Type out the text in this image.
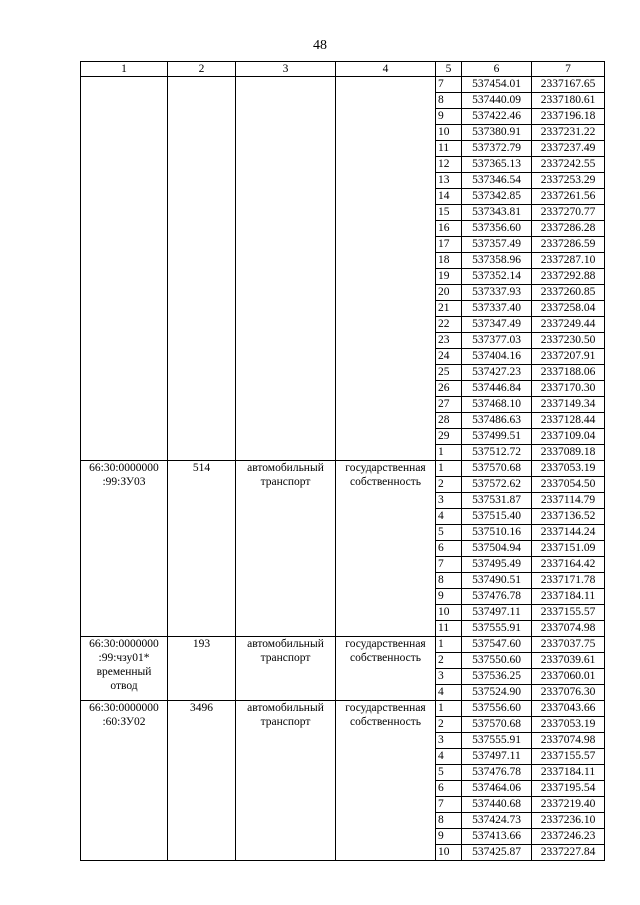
48
1	2	3	4	5	6	7
				7	537454.01	2337167.65
				8	537440.09	2337180.61
				9	537422.46	2337196.18
				10	537380.91	2337231.22
				11	537372.79	2337237.49
				12	537365.13	2337242.55
				13	537346.54	2337253.29
				14	537342.85	2337261.56
				15	537343.81	2337270.77
				16	537356.60	2337286.28
				17	537357.49	2337286.59
				18	537358.96	2337287.10
				19	537352.14	2337292.88
				20	537337.93	2337260.85
				21	537337.40	2337258.04
				22	537347.49	2337249.44
				23	537377.03	2337230.50
				24	537404.16	2337207.91
				25	537427.23	2337188.06
				26	537446.84	2337170.30
				27	537468.10	2337149.34
				28	537486.63	2337128.44
				29	537499.51	2337109.04
				1	537512.72	2337089.18
66:30:0000000 :99:ЗУ03	514	автомобильный транспорт	государственная собственность	1	537570.68	2337053.19
				2	537572.62	2337054.50
				3	537531.87	2337114.79
				4	537515.40	2337136.52
				5	537510.16	2337144.24
				6	537504.94	2337151.09
				7	537495.49	2337164.42
				8	537490.51	2337171.78
				9	537476.78	2337184.11
				10	537497.11	2337155.57
				11	537555.91	2337074.98
66:30:0000000 :99:чзу01* временный отвод	193	автомобильный транспорт	государственная собственность	1	537547.60	2337037.75
				2	537550.60	2337039.61
				3	537536.25	2337060.01
				4	537524.90	2337076.30
66:30:0000000 :60:ЗУ02	3496	автомобильный транспорт	государственная собственность	1	537556.60	2337043.66
				2	537570.68	2337053.19
				3	537555.91	2337074.98
				4	537497.11	2337155.57
				5	537476.78	2337184.11
				6	537464.06	2337195.54
				7	537440.68	2337219.40
				8	537424.73	2337236.10
				9	537413.66	2337246.23
				10	537425.87	2337227.84
